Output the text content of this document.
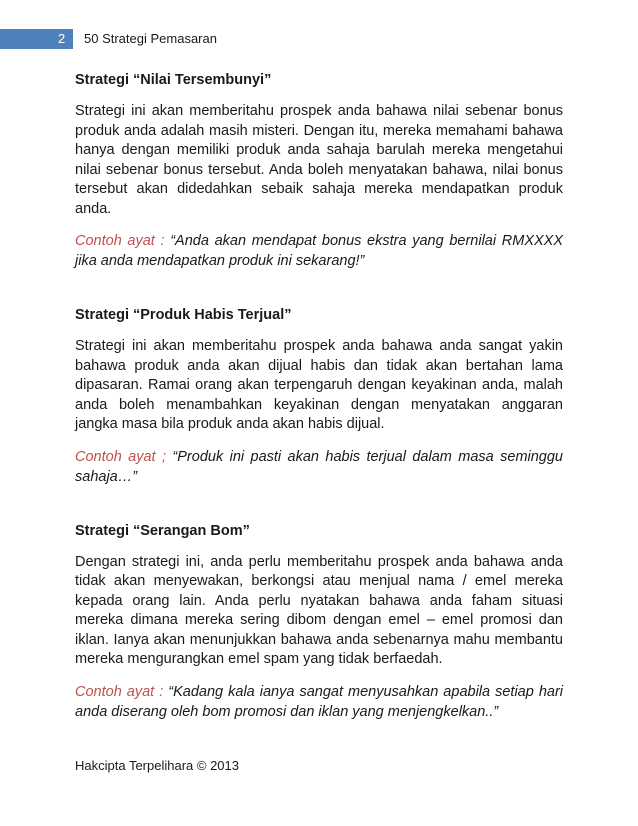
2 50 Strategi Pemasaran

Strategi “Nilai Tersembunyi”

Strategi ini akan memberitahu prospek anda bahawa nilai sebenar bonus produk anda adalah masih misteri. Dengan itu, mereka memahami bahawa hanya dengan memiliki produk anda sahaja barulah mereka mengetahui nilai sebenar bonus tersebut. Anda boleh menyatakan bahawa, nilai bonus tersebut akan didedahkan sebaik sahaja mereka mendapatkan produk anda.

Contoh ayat : “Anda akan mendapat bonus ekstra yang bernilai RMXXXX jika anda mendapatkan produk ini sekarang!”

Strategi “Produk Habis Terjual”

Strategi ini akan memberitahu prospek anda bahawa anda sangat yakin bahawa produk anda akan dijual habis dan tidak akan bertahan lama dipasaran. Ramai orang akan terpengaruh dengan keyakinan anda, malah anda boleh menambahkan keyakinan dengan menyatakan anggaran jangka masa bila produk anda akan habis dijual.

Contoh ayat ; “Produk ini pasti akan habis terjual dalam masa seminggu sahaja…”

Strategi “Serangan Bom”

Dengan strategi ini, anda perlu memberitahu prospek anda bahawa anda tidak akan menyewakan, berkongsi atau menjual nama / emel mereka kepada orang lain. Anda perlu nyatakan bahawa anda faham situasi mereka dimana mereka sering dibom dengan emel – emel promosi dan iklan. Ianya akan menunjukkan bahawa anda sebenarnya mahu membantu mereka mengurangkan emel spam yang tidak berfaedah.

Contoh ayat : “Kadang kala ianya sangat menyusahkan apabila setiap hari anda diserang oleh bom promosi dan iklan yang menjengkelkan..”

Hakcipta Terpelihara © 2013
